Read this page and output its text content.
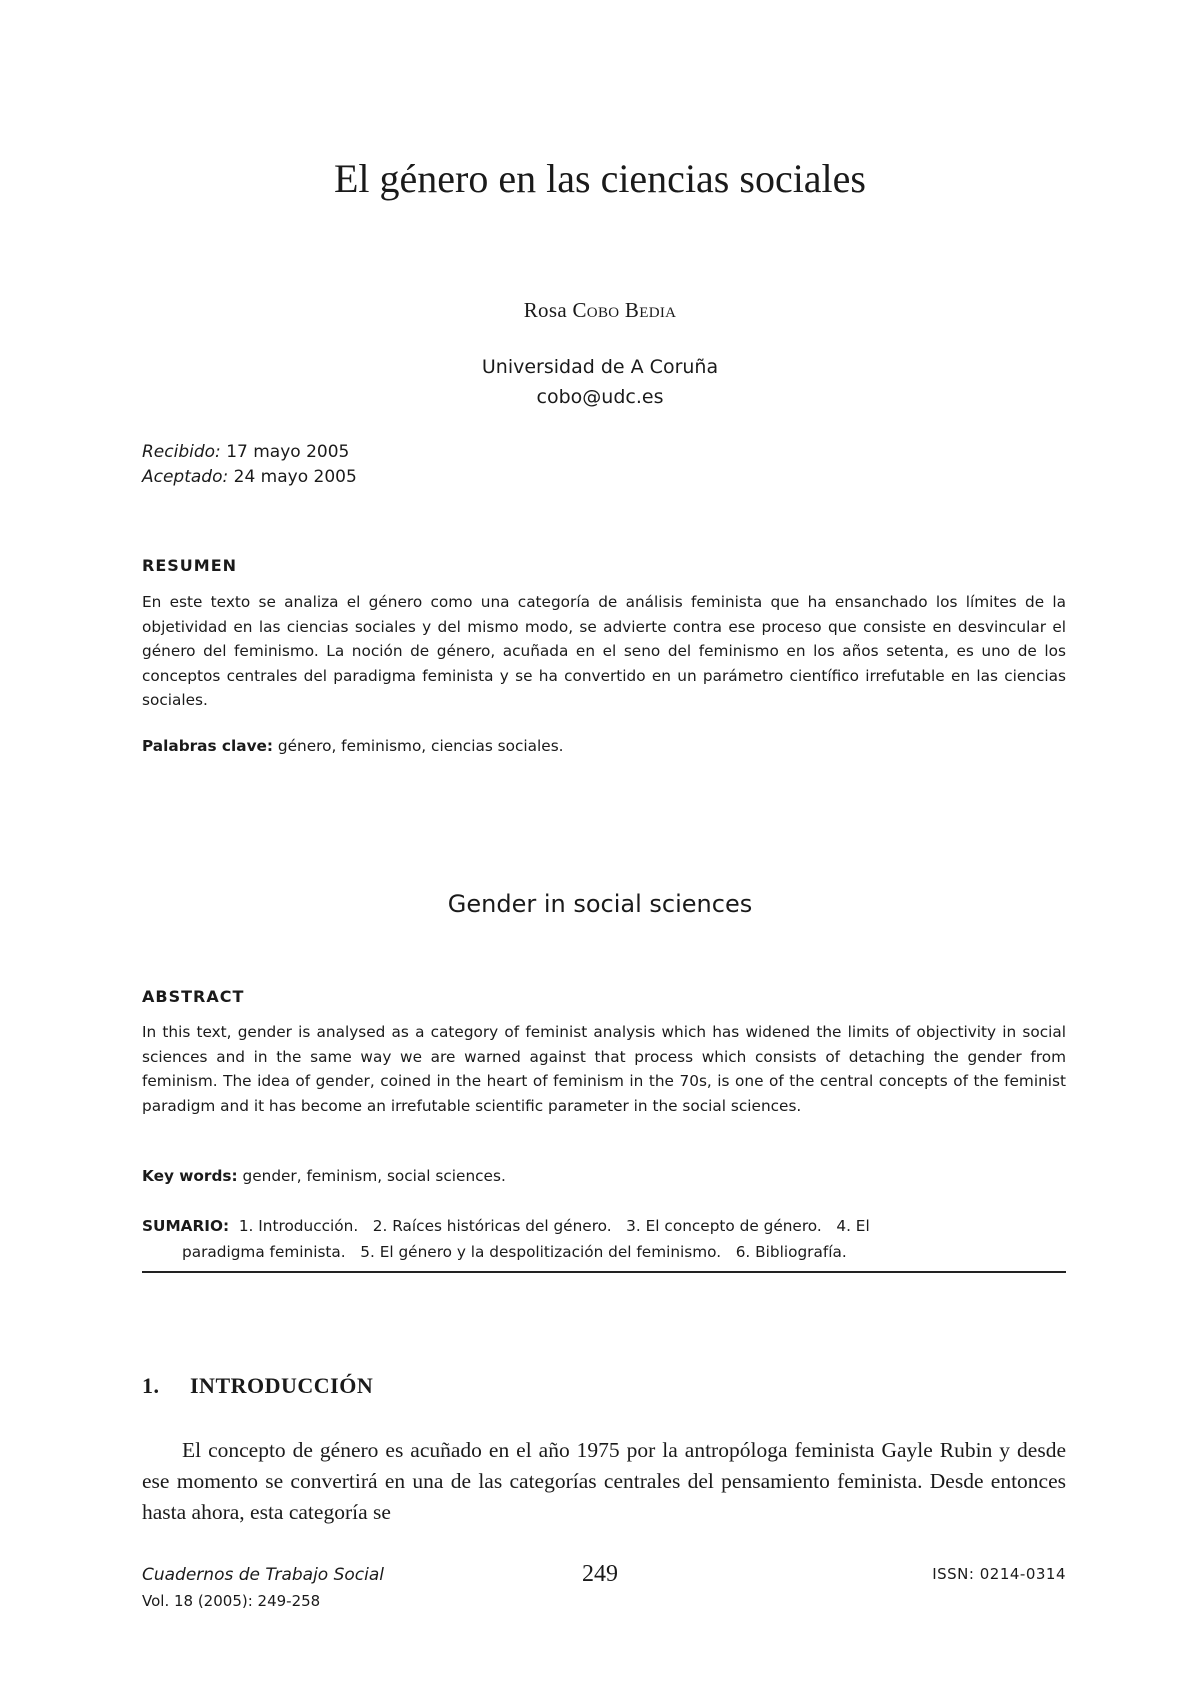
El género en las ciencias sociales
Rosa Cobo Bedia
Universidad de A Coruña
cobo@udc.es
Recibido: 17 mayo 2005
Aceptado: 24 mayo 2005
RESUMEN
En este texto se analiza el género como una categoría de análisis feminista que ha ensanchado los límites de la objetividad en las ciencias sociales y del mismo modo, se advierte contra ese proceso que consiste en desvincular el género del feminismo. La noción de género, acuñada en el seno del feminismo en los años setenta, es uno de los conceptos centrales del paradigma feminista y se ha convertido en un parámetro científico irrefutable en las ciencias sociales.
Palabras clave: género, feminismo, ciencias sociales.
Gender in social sciences
ABSTRACT
In this text, gender is analysed as a category of feminist analysis which has widened the limits of objectivity in social sciences and in the same way we are warned against that process which consists of detaching the gender from feminism. The idea of gender, coined in the heart of feminism in the 70s, is one of the central concepts of the feminist paradigm and it has become an irrefutable scientific parameter in the social sciences.
Key words: gender, feminism, social sciences.
SUMARIO: 1. Introducción.   2. Raíces históricas del género.   3. El concepto de género.   4. El
paradigma feminista.   5. El género y la despolitización del feminismo.   6. Bibliografía.
1. INTRODUCCIÓN
El concepto de género es acuñado en el año 1975 por la antropóloga feminista Gayle Rubin y desde ese momento se convertirá en una de las categorías centrales del pensamiento feminista. Desde entonces hasta ahora, esta categoría se
Cuadernos de Trabajo Social
Vol. 18 (2005): 249-258
249	ISSN: 0214-0314
